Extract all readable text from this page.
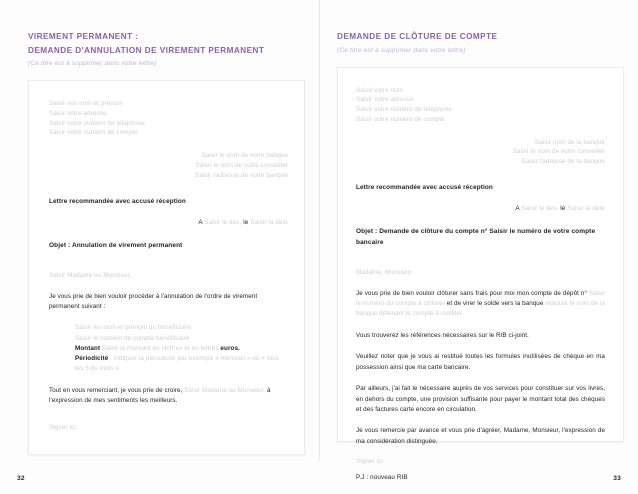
VIREMENT PERMANENT :
DEMANDE D'ANNULATION DE VIREMENT PERMANENT
(Ce titre est à supprimer dans votre lettre)
Saisir vos nom et prénom
Saisir votre adresse
Saisir votre numéro de téléphone
Saisir votre numéro de compte
Saisir le nom de votre banque
Saisir le nom de votre conseiller
Saisir l'adresse de votre banque
Lettre recommandée avec accusé réception
A Saisir le lieu, le Saisir la date
Objet : Annulation de virement permanent
Saisir Madame ou Monsieur,
Je vous prie de bien vouloir procéder à l'annulation de l'ordre de virement permanent suivant :
Saisir les nom et prénom du bénéficiaire
Saisir le numéro de compte bénéficiaire
Montant Saisir le montant en chiffres et en lettres euros.
Périodicité : indiquer la périodicité par exemple « mensuel » ou « tous les 5 du mois ».
Tout en vous remerciant, je vous prie de croire, Saisir Madame ou Monsieur, à l'expression de mes sentiments les meilleurs.
Signer ici
32
DEMANDE DE CLÔTURE DE COMPTE
(Ce titre est à supprimer dans votre lettre)
Saisir votre nom
Saisir votre adresse
Saisir votre numéro de téléphone
Saisir votre numéro de compte
Saisir nom de la banque
Saisir le nom de votre conseiller
Saisir l'adresse de la banque
Lettre recommandée avec accusé réception
A Saisir le lieu, le Saisir la date
Objet : Demande de clôture du compte n° Saisir le numéro de votre compte bancaire
Madame, Monsieur,
Je vous prie de bien vouloir clôturer sans frais pour moi mon compte de dépôt n° Saisir le numéro du compte à clôturer et de virer le solde vers la banque indiquer le nom de la banque détenant le compte à créditer.
Vous trouverez les références nécessaires sur le RIB ci-joint.
Veuillez noter que je vous ai restitué toutes les formules inutilisées de chèque en ma possession ainsi que ma carte bancaire.
Par ailleurs, j'ai fait le nécessaire auprès de vos services pour constituer sur vos livres, en dehors du compte, une provision suffisante pour payer le montant total des chèques et des factures carte encore en circulation.
Je vous remercie par avance et vous prie d'agréer, Madame, Monsieur, l'expression de ma considération distinguée.
Signer ici
P.J : nouveau RIB	33
